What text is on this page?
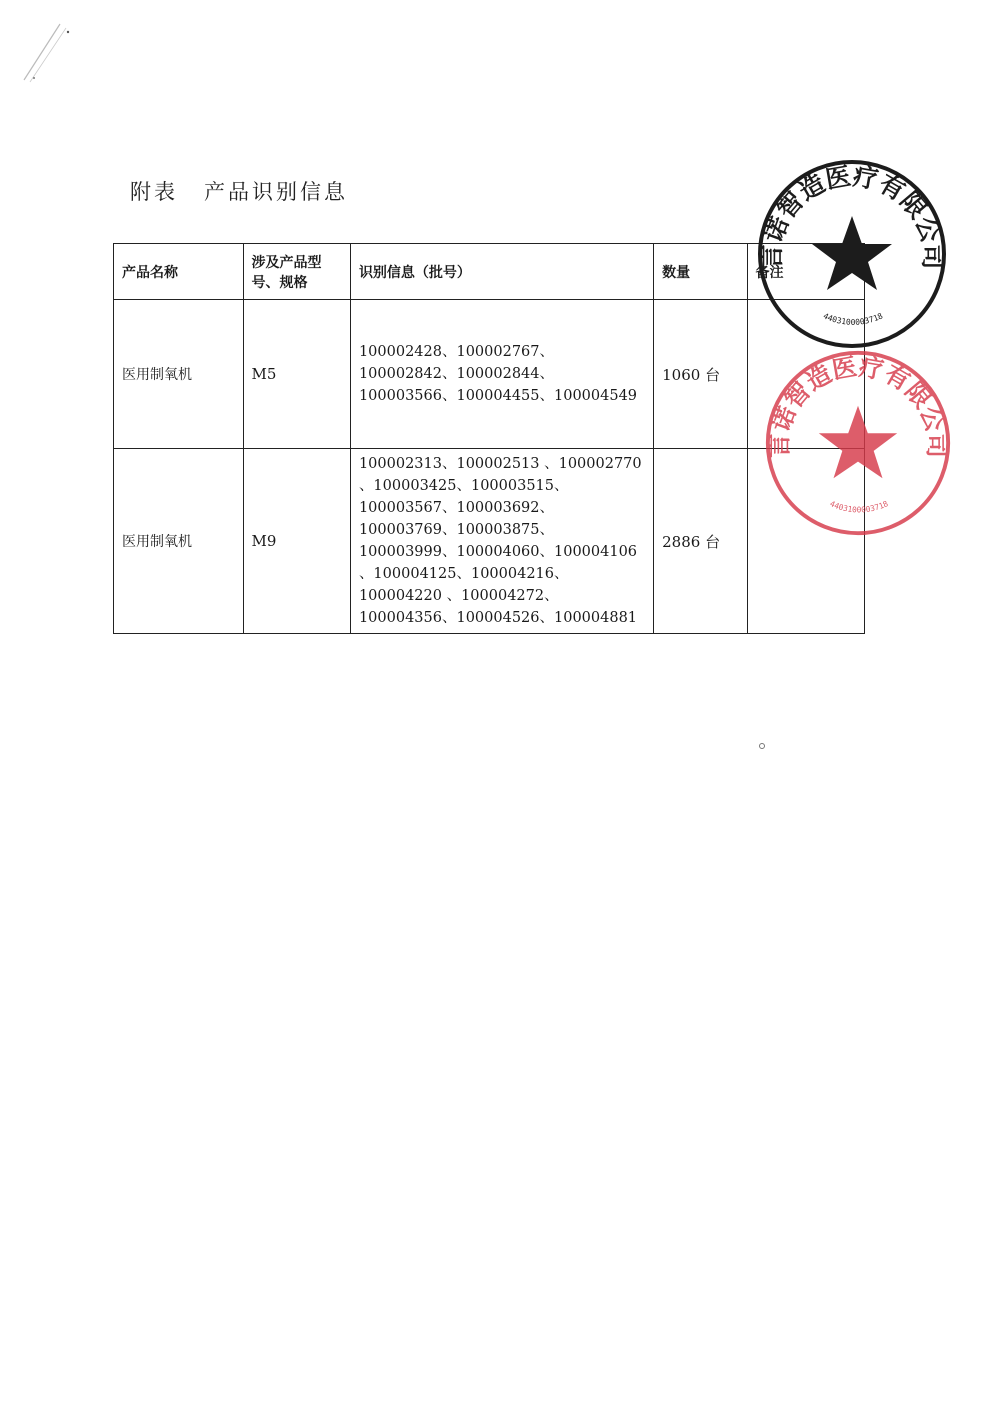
附表 产品识别信息
产品名称	涉及产品型号、规格	识别信息（批号）	数量	备注
医用制氧机	M5	100002428、100002767、100002842、100002844、100003566、100004455、100004549	1060 台	
医用制氧机	M9	100002313、100002513 、100002770 、100003425、100003515、100003567、100003692、100003769、100003875、100003999、100004060、100004106 、100004125、100004216、100004220 、100004272、100004356、100004526、100004881	2886 台	
言诺智造医疗有限公司
4403100003718
言诺智造医疗有限公司
4403100003718
